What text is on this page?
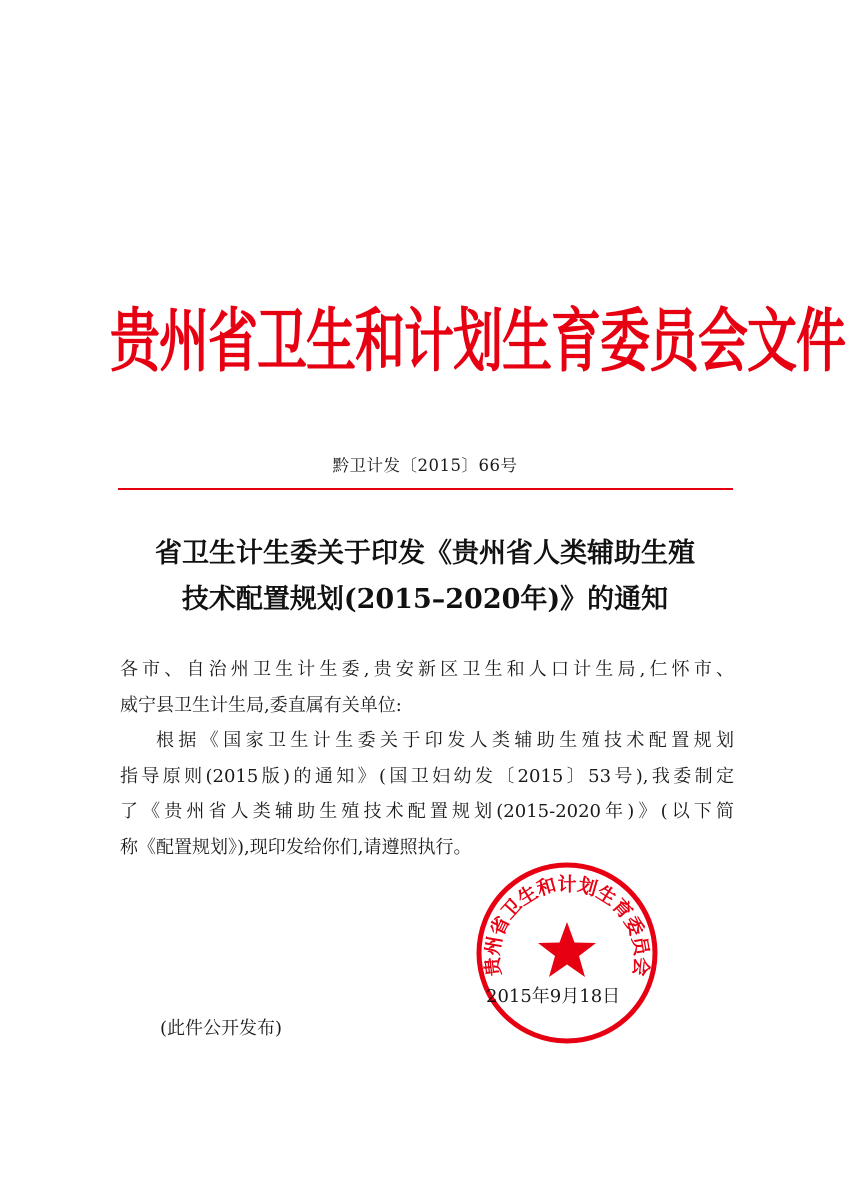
贵州省卫生和计划生育委员会文件
黔卫计发〔2015〕66号
省卫生计生委关于印发《贵州省人类辅助生殖
技术配置规划(2015–2020年)》的通知
各市、自治州卫生计生委,贵安新区卫生和人口计生局,仁怀市、
威宁县卫生计生局,委直属有关单位:
根据《国家卫生计生委关于印发人类辅助生殖技术配置规划
指导原则(2015版)的通知》(国卫妇幼发〔2015〕53号),我委制定
了《贵州省人类辅助生殖技术配置规划(2015-2020年)》(以下简
称《配置规划》),现印发给你们,请遵照执行。
2015年9月18日
贵州省卫生和计划生育委员会
(此件公开发布)
